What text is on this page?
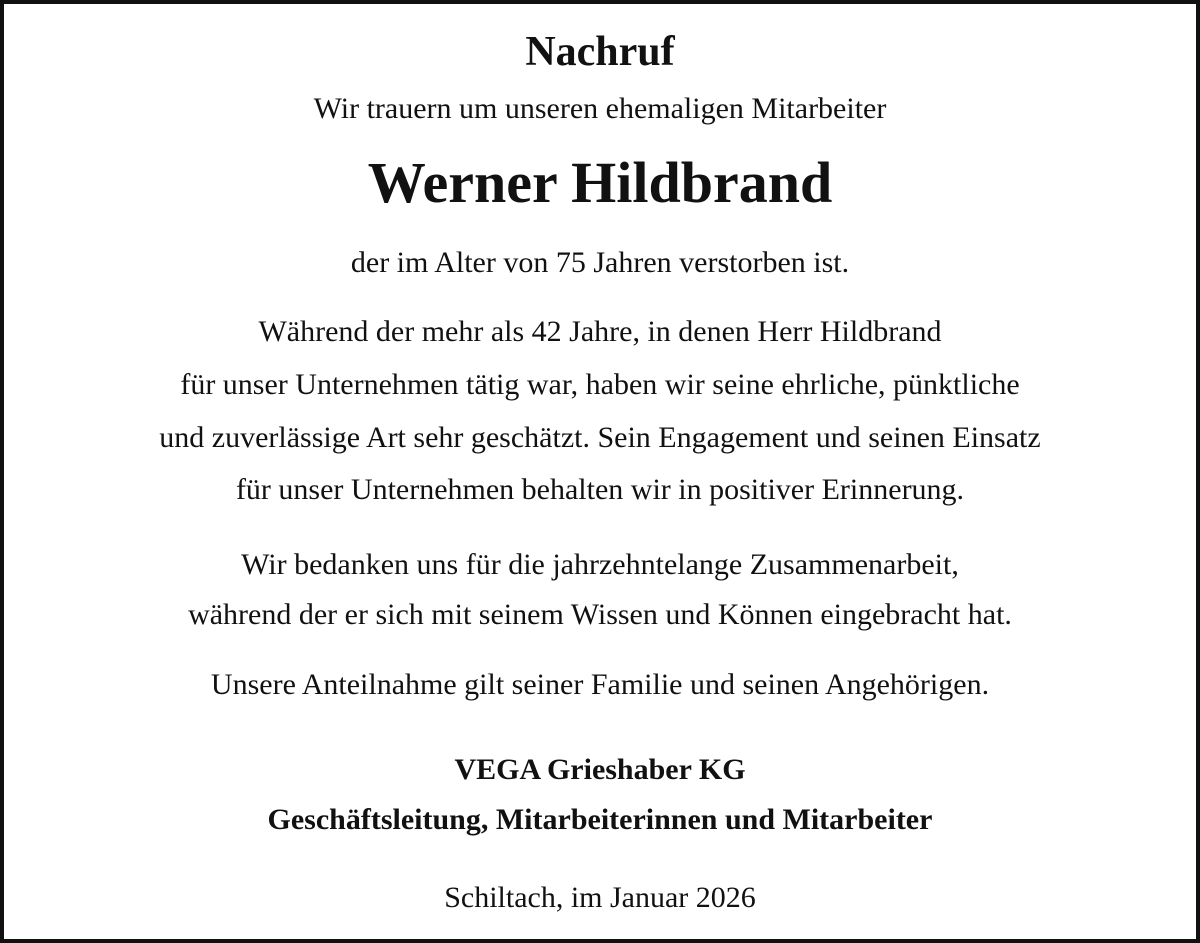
Nachruf
Wir trauern um unseren ehemaligen Mitarbeiter
Werner Hildbrand
der im Alter von 75 Jahren verstorben ist.
Während der mehr als 42 Jahre, in denen Herr Hildbrand
für unser Unternehmen tätig war, haben wir seine ehrliche, pünktliche
und zuverlässige Art sehr geschätzt. Sein Engagement und seinen Einsatz
für unser Unternehmen behalten wir in positiver Erinnerung.
Wir bedanken uns für die jahrzehntelange Zusammenarbeit,
während der er sich mit seinem Wissen und Können eingebracht hat.
Unsere Anteilnahme gilt seiner Familie und seinen Angehörigen.
VEGA Grieshaber KG
Geschäftsleitung, Mitarbeiterinnen und Mitarbeiter
Schiltach, im Januar 2026
